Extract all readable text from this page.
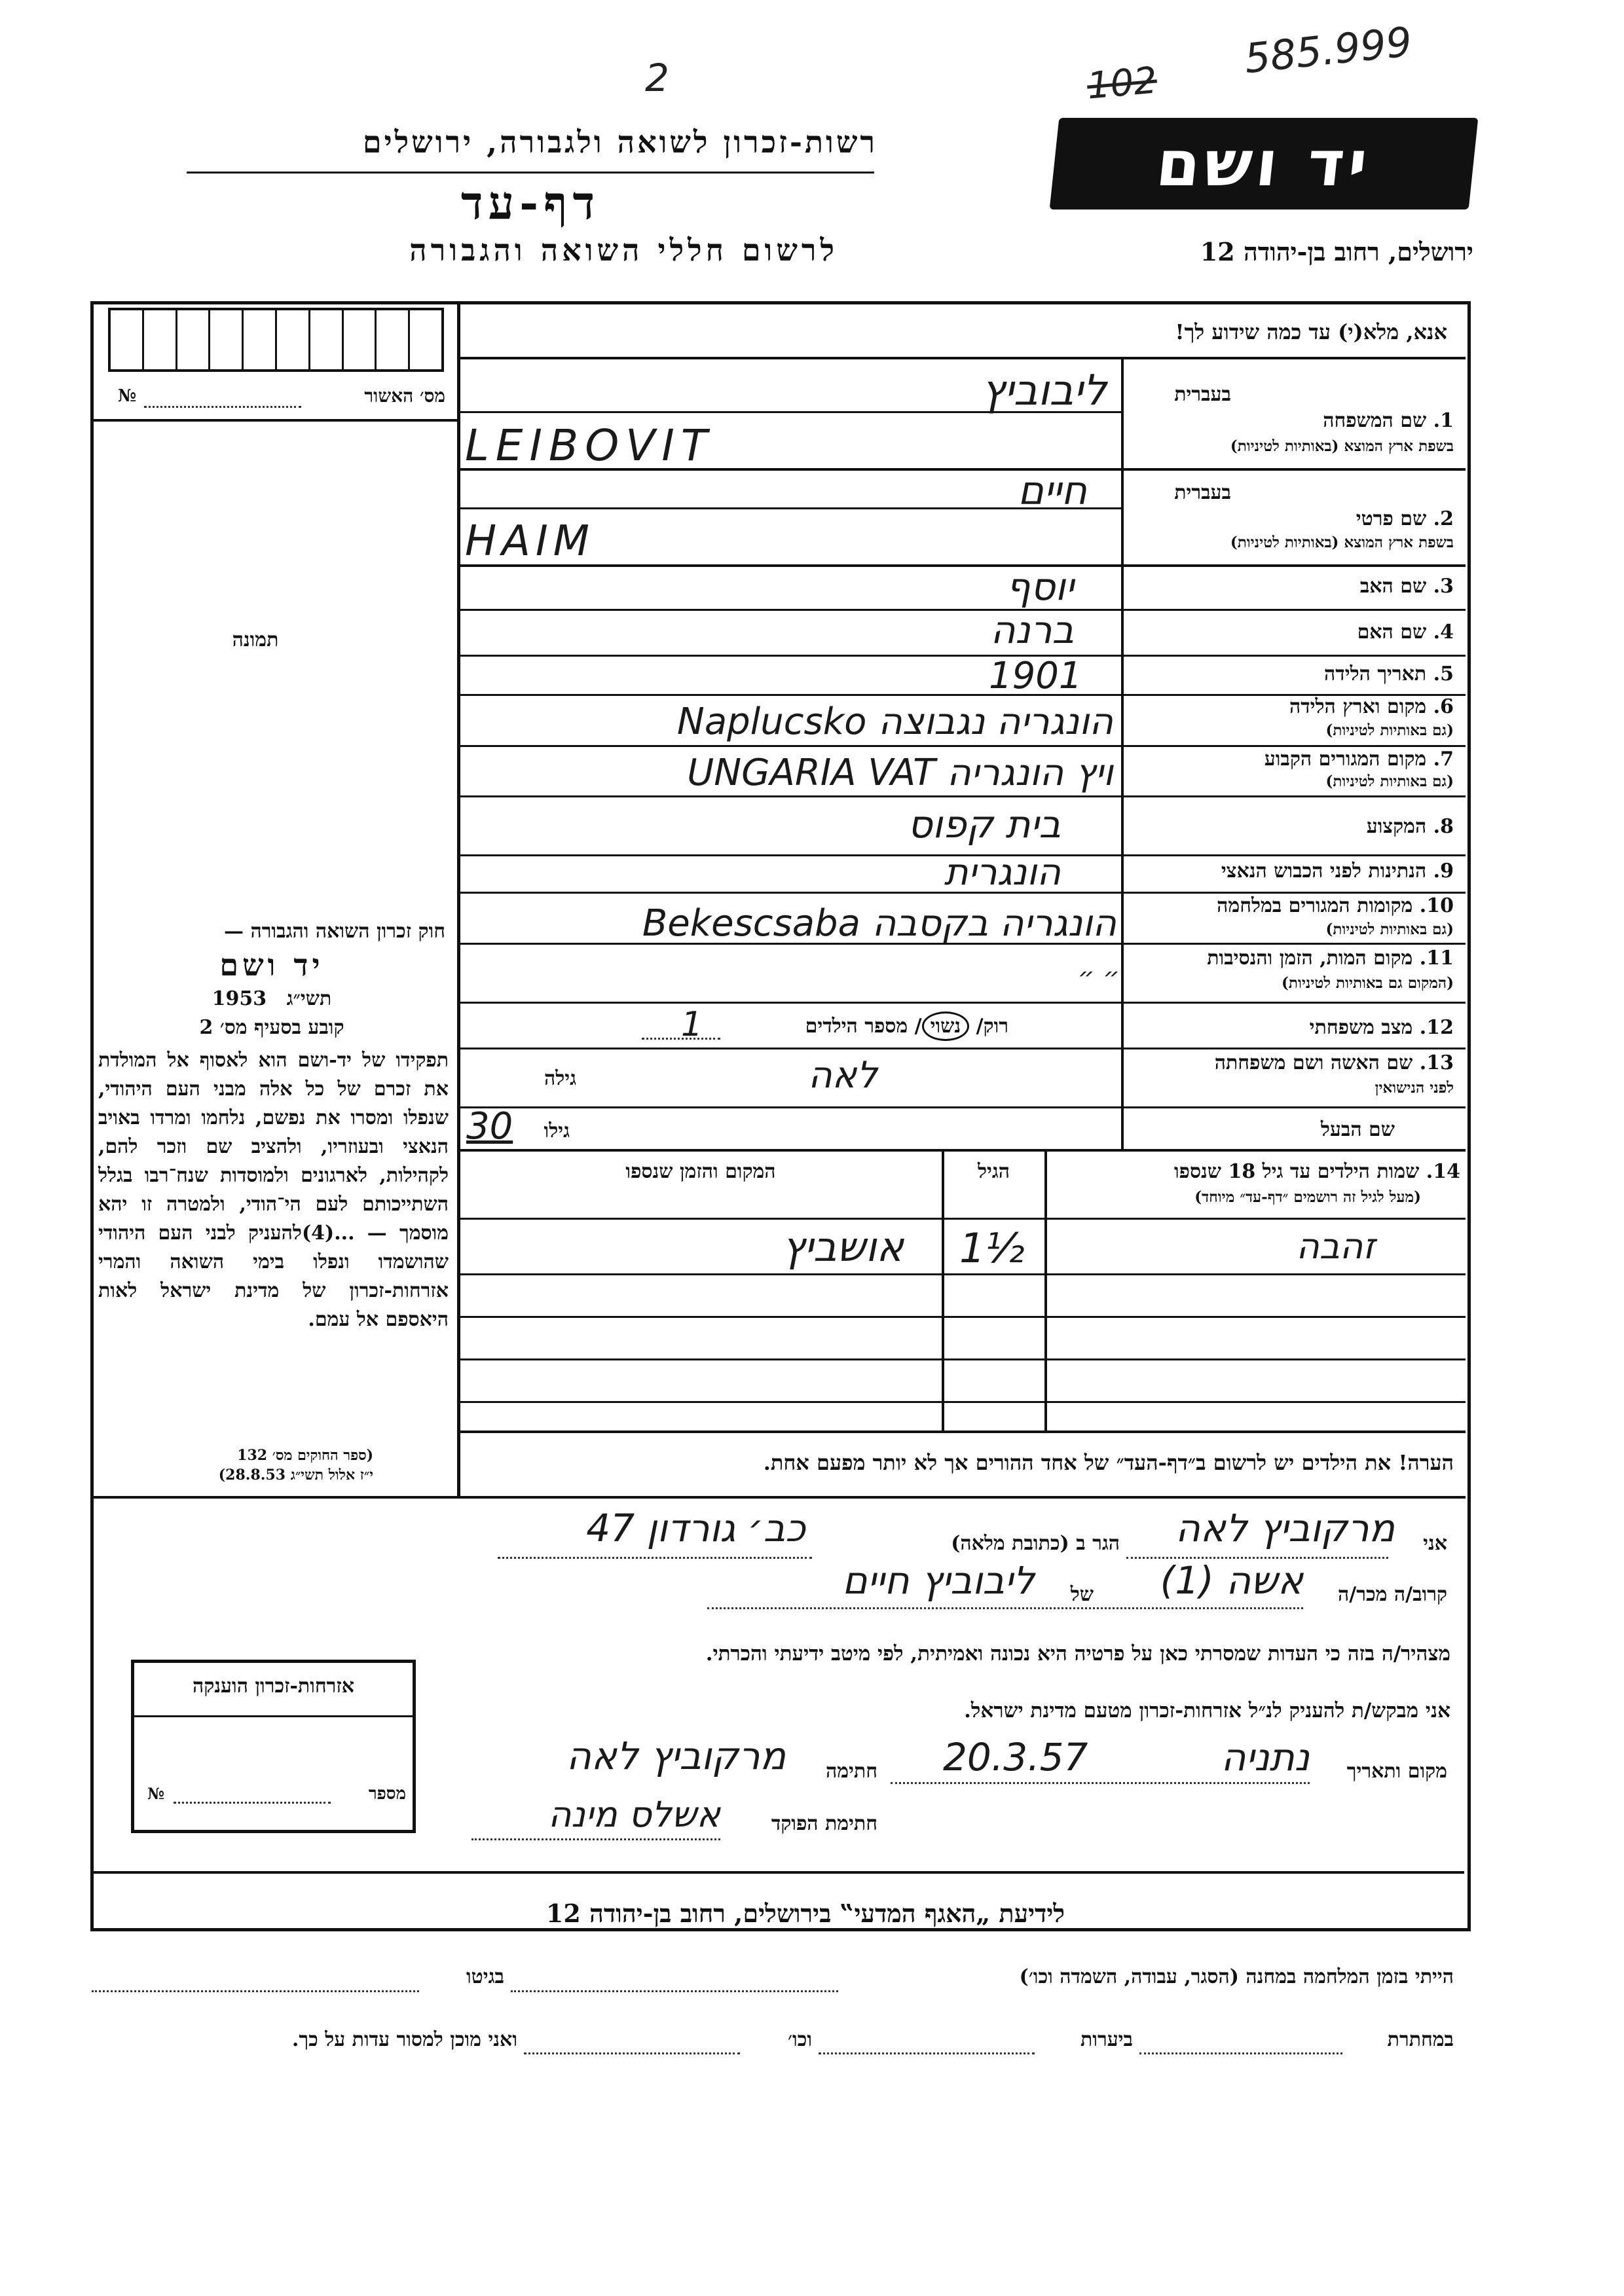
585.999
102
2
רשות-זכרון לשואה ולגבורה, ירושלים
דף-עד
לרשום חללי השואה והגבורה
יד ושם
ירושלים, רחוב בן-יהודה 12
מס׳ האשור
№
תמונה
חוק זכרון השואה והגבורה —
יד ושם
1953 תשי״ג
קובע בסעיף מס׳ 2
תפקידו של יד-ושם הוא לאסוף אל המולדת את זכרם של כל אלה מבני העם היהודי, שנפלו ומסרו את נפשם, נלחמו ומרדו באויב הנאצי ובעוזריו, ולהציב שם וזכר להם, לקהילות, לארגונים ולמוסדות שנח־רבו בגלל השתייכותם לעם הי־הודי, ולמטרה זו יהא מוסמך — ...(4)להעניק לבני העם היהודי שהושמדו ונפלו בימי השואה והמרי אזרחות-זכרון של מדינת ישראל לאות היאספם אל עמם.
(ספר החוקים מס׳ 132
י״ז אלול תשי״ג 28.8.53)
אנא, מלא(י) עד כמה שידוע לך!
בעברית
1. שם המשפחה
בשפת ארץ המוצא (באותיות לטיניות)
ליבוביץ
LEIBOVIT
בעברית
2. שם פרטי
בשפת ארץ המוצא (באותיות לטיניות)
חיים
HAIM
3. שם האב
יוסף
4. שם האם
ברנה
5. תאריך הלידה
1901
6. מקום וארץ הלידה
(גם באותיות לטיניות)
Naplucsko הונגריה נגבוצה
7. מקום המגורים הקבוע
(גם באותיות לטיניות)
UNGARIA VAT ויץ הונגריה
8. המקצוע
בית קפוס
9. הנתינות לפני הכבוש הנאצי
הונגרית
10. מקומות המגורים במלחמה
(גם באותיות לטיניות)
Bekescsaba הונגריה בקסבה
11. מקום המות, הזמן והנסיבות
(המקום גם באותיות לטיניות)
״ ״
12. מצב משפחתי
רוק/ נשוי/ מספר הילדים
1
13. שם האשה ושם משפחתה
לפני הנישואין
גילה	לאה
שם הבעל
גילו
30
14. שמות הילדים עד גיל 18 שנספו
(מעל לגיל זה רושמים ״דף-עד״ מיוחד)
הגיל
המקום והזמן שנספו
זהבה
1½
אושביץ
הערה! את הילדים יש לרשום ב״דף-העד״ של אחד ההורים אך לא יותר מפעם אחת.
אני
מרקוביץ לאה
הגר ב (כתובת מלאה)
כב׳ גורדון 47
קרוב/ה מכר/ה
אשה (1)
של
ליבוביץ חיים
מצהיר/ה בזה כי העדות שמסרתי כאן על פרטיה היא נכונה ואמיתית, לפי מיטב ידיעתי והכרתי.
אני מבקש/ת להעניק לנ״ל אזרחות-זכרון מטעם מדינת ישראל.
מקום ותאריך
נתניה
20.3.57
חתימה
מרקוביץ לאה
חתימת הפוקד
אשלס מינה
אזרחות-זכרון הוענקה
מספר
№
לידיעת „האגף המדעי‟ בירושלים, רחוב בן-יהודה 12
הייתי בזמן המלחמה במחנה (הסגר, עבודה, השמדה וכו׳)
בגיטו
במחתרת
ביערות
וכו׳
ואני מוכן למסור עדות על כך.
